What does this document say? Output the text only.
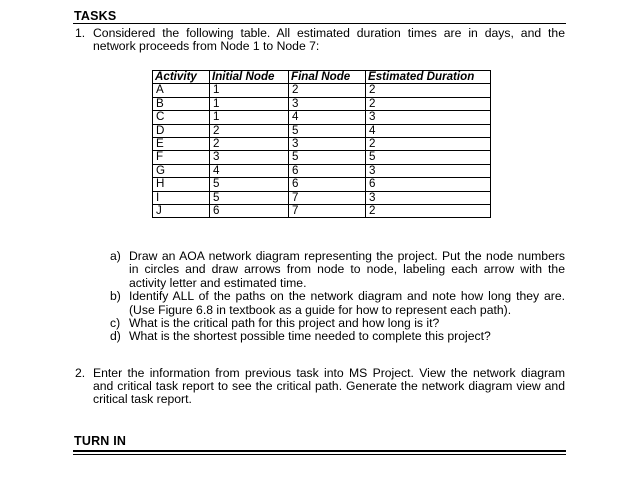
TASKS
1. Considered the following table. All estimated duration times are in days, and the network proceeds from Node 1 to Node 7:
Activity	Initial Node	Final Node	Estimated Duration
A	1	2	2
B	1	3	2
C	1	4	3
D	2	5	4
E	2	3	2
F	3	5	5
G	4	6	3
H	5	6	6
I	5	7	3
J	6	7	2

a) Draw an AOA network diagram representing the project. Put the node numbers in circles and draw arrows from node to node, labeling each arrow with the activity letter and estimated time.

b) Identify ALL of the paths on the network diagram and note how long they are. (Use Figure 6.8 in textbook as a guide for how to represent each path).

c) What is the critical path for this project and how long is it?

d) What is the shortest possible time needed to complete this project?

2. Enter the information from previous task into MS Project. View the network diagram and critical task report to see the critical path. Generate the network diagram view and critical task report.
TURN IN
